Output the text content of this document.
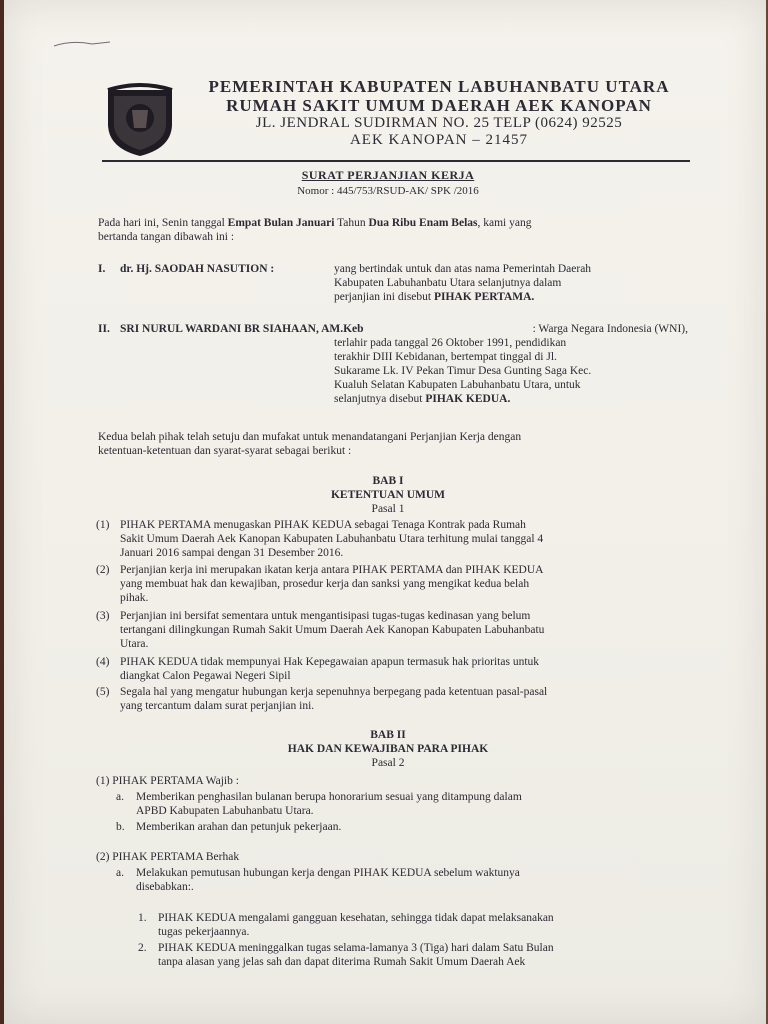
PEMERINTAH KABUPATEN LABUHANBATU UTARA
RUMAH SAKIT UMUM DAERAH AEK KANOPAN
JL. JENDRAL SUDIRMAN NO. 25 TELP (0624) 92525
AEK KANOPAN – 21457
SURAT PERJANJIAN KERJA
Nomor : 445/753/RSUD-AK/ SPK /2016
Pada hari ini, Senin tanggal Empat Bulan Januari Tahun Dua Ribu Enam Belas, kami yang
bertanda tangan dibawah ini :
I. dr. Hj. SAODAH NASUTION :	yang bertindak untuk dan atas nama Pemerintah Daerah
Kabupaten Labuhanbatu Utara selanjutnya dalam
perjanjian ini disebut PIHAK PERTAMA.
II. SRI NURUL WARDANI BR SIAHAAN, AM.Keb	: Warga Negara Indonesia (WNI),
terlahir pada tanggal 26 Oktober 1991, pendidikan
terakhir DIII Kebidanan, bertempat tinggal di Jl.
Sukarame Lk. IV Pekan Timur Desa Gunting Saga Kec.
Kualuh Selatan Kabupaten Labuhanbatu Utara, untuk
selanjutnya disebut PIHAK KEDUA.
Kedua belah pihak telah setuju dan mufakat untuk menandatangani Perjanjian Kerja dengan
ketentuan-ketentuan dan syarat-syarat sebagai berikut :
BAB I
KETENTUAN UMUM
Pasal 1
(1) PIHAK PERTAMA menugaskan PIHAK KEDUA sebagai Tenaga Kontrak pada Rumah
Sakit Umum Daerah Aek Kanopan Kabupaten Labuhanbatu Utara terhitung mulai tanggal 4
Januari 2016 sampai dengan 31 Desember 2016.
(2) Perjanjian kerja ini merupakan ikatan kerja antara PIHAK PERTAMA dan PIHAK KEDUA
yang membuat hak dan kewajiban, prosedur kerja dan sanksi yang mengikat kedua belah
pihak.
(3) Perjanjian ini bersifat sementara untuk mengantisipasi tugas-tugas kedinasan yang belum
tertangani dilingkungan Rumah Sakit Umum Daerah Aek Kanopan Kabupaten Labuhanbatu
Utara.
(4) PIHAK KEDUA tidak mempunyai Hak Kepegawaian apapun termasuk hak prioritas untuk
diangkat Calon Pegawai Negeri Sipil
(5) Segala hal yang mengatur hubungan kerja sepenuhnya berpegang pada ketentuan pasal-pasal
yang tercantum dalam surat perjanjian ini.
BAB II
HAK DAN KEWAJIBAN PARA PIHAK
Pasal 2
(1) PIHAK PERTAMA Wajib :
a. Memberikan penghasilan bulanan berupa honorarium sesuai yang ditampung dalam
APBD Kabupaten Labuhanbatu Utara.
b. Memberikan arahan dan petunjuk pekerjaan.
(2) PIHAK PERTAMA Berhak
a. Melakukan pemutusan hubungan kerja dengan PIHAK KEDUA sebelum waktunya
disebabkan:.
1. PIHAK KEDUA mengalami gangguan kesehatan, sehingga tidak dapat melaksanakan
tugas pekerjaannya.
2. PIHAK KEDUA meninggalkan tugas selama-lamanya 3 (Tiga) hari dalam Satu Bulan
tanpa alasan yang jelas sah dan dapat diterima Rumah Sakit Umum Daerah Aek
